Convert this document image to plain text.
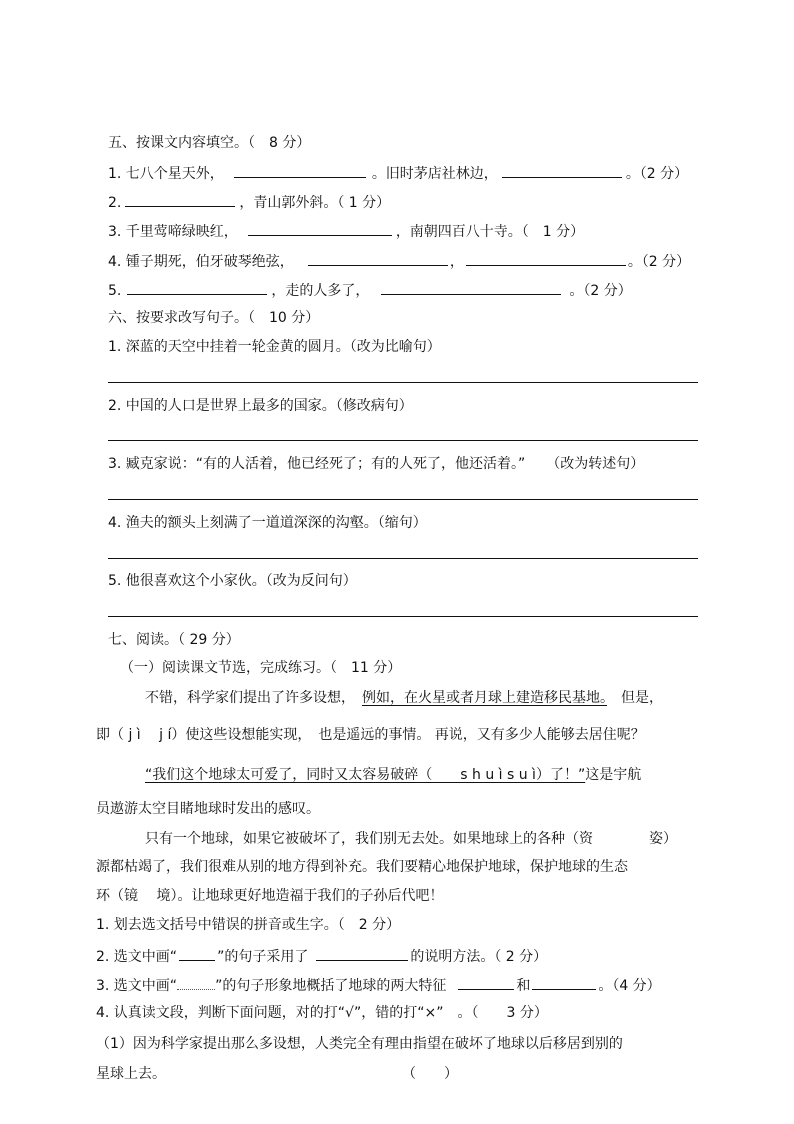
五、按课文内容填空。（　8 分）
1. 七八个星天外，	。旧时茅店社林边，	。（2 分）
2.	，青山郭外斜。（ 1 分）
3. 千里莺啼绿映红，	，南朝四百八十寺。（　1 分）
4. 锺子期死，伯牙破琴绝弦，	，	。（2 分）
5.	，走的人多了，	。（2 分）
六、按要求改写句子。（　10 分）
1. 深蓝的天空中挂着一轮金黄的圆月。（改为比喻句）
2. 中国的人口是世界上最多的国家。（修改病句）
3. 臧克家说：“有的人活着，他已经死了；有的人死了，他还活着。”　　（改为转述句）
4. 渔夫的额头上刻满了一道道深深的沟壑。（缩句）
5. 他很喜欢这个小家伙。（改为反问句）
七、阅读。（ 29 分）
（一）阅读课文节选，完成练习。（　11 分）
不错，科学家们提出了许多设想，　 例如，在火星或者月球上建造移民基地。　但是，
即（ j ì　 j í）使这些设想能实现，　也是遥远的事情。 再说，又有多少人能够去居住呢？
“我们这个地球太可爱了，同时又太容易破碎（　　s h u ì s u ì）了！”这是宇航
员遨游太空目睹地球时发出的感叹。
只有一个地球，如果它被破坏了，我们别无去处。如果地球上的各种（资　　　　姿）
源都枯竭了，我们很难从别的地方得到补充。我们要精心地保护地球，保护地球的生态
环（镜　 境）。让地球更好地造福于我们的子孙后代吧！
1. 划去选文括号中错误的拼音或生字。（　2 分）
2. 选文中画“	”的句子采用了	的说明方法。（ 2 分）
3. 选文中画“	”的句子形象地概括了地球的两大特征	和	。（4 分）
4. 认真读文段，判断下面问题，对的打“√”，错的打“×”　。（　　3 分）
（1）因为科学家提出那么多设想，人类完全有理由指望在破坏了地球以后移居到别的
星球上去。	（　　）
